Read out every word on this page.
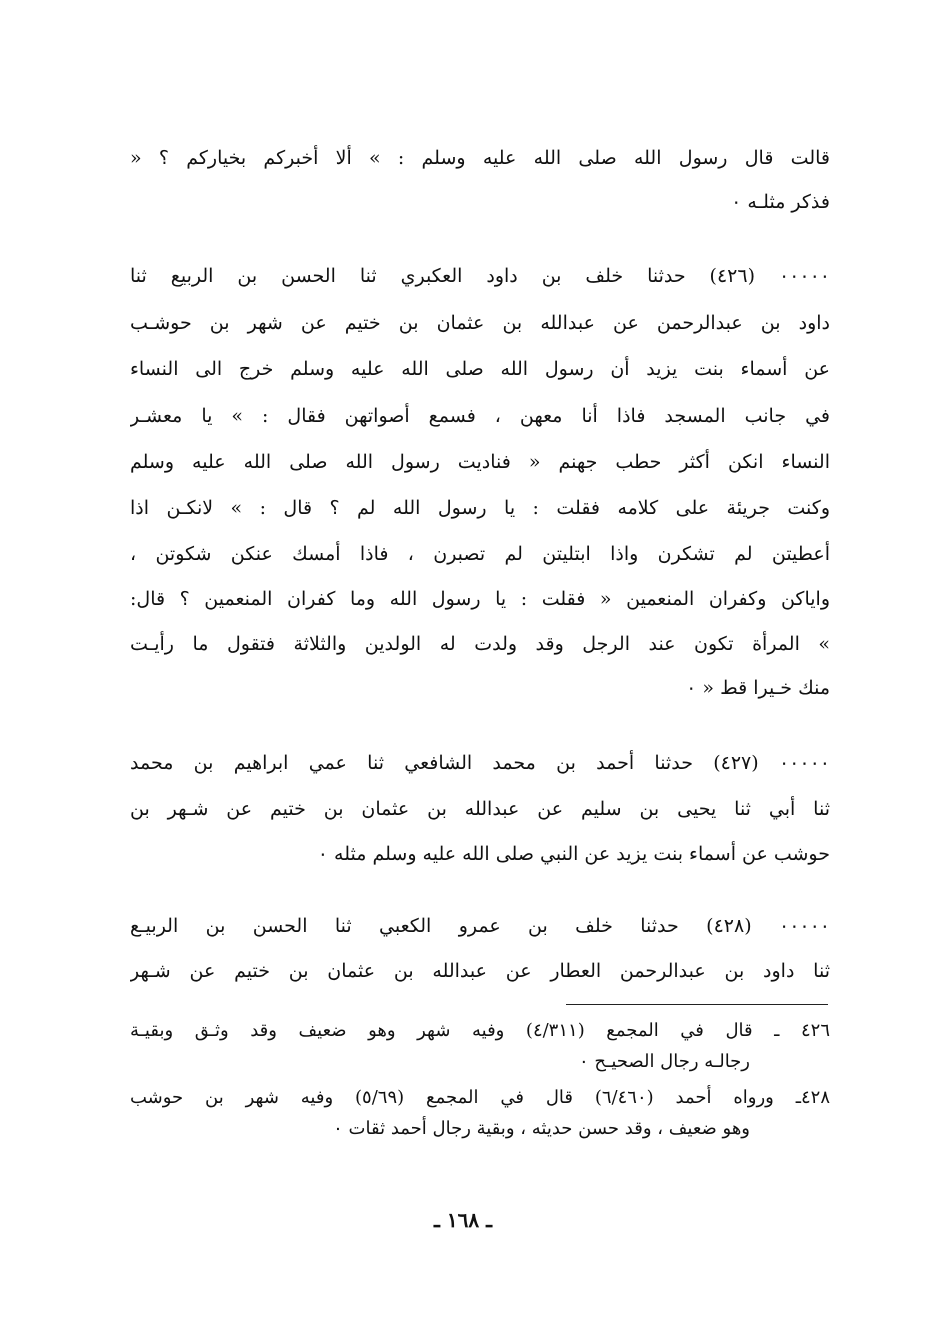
قالت قال رسول الله صلى الله عليه وسلم : » ألا أخبركم بخياركم ؟ «
فذكر مثلـه ٠
٠٠٠٠٠ (٤٢٦) حدثنا خلف بن داود العكبري ثنا الحسن بن الربيع ثنا
داود بن عبدالرحمن عن عبدالله بن عثمان بن ختيم عن شهر بن حوشـب
عن أسماء بنت يزيد أن رسول الله صلى الله عليه وسلم خرج الى النساء
في جانب المسجد فاذا أنا معهن ، فسمع أصواتهن فقال : » يا معشـر
النساء انكن أكثر حطب جهنم « فناديت رسول الله صلى الله عليه وسلم
وكنت جريئة على كلامه فقلت : يا رسول الله لم ؟ قال : » لانكـن اذا
أعطيتن لم تشكرن واذا ابتليتن لم تصبرن ، فاذا أمسك عنكن شكوتن ،
واياكن وكفران المنعمين « فقلت : يا رسول الله وما كفران المنعمين ؟ قال:
» المرأة تكون عند الرجل وقد ولدت له الولدين والثلاثة فتقول ما رأيـت
منك خـيرا قط « ٠
٠٠٠٠٠ (٤٢٧) حدثنا أحمد بن محمد الشافعي ثنا عمي ابراهيم بن محمد
ثنا أبي ثنا يحيى بن سليم عن عبدالله بن عثمان بن ختيم عن شـهر بن
حوشب عن أسماء بنت يزيد عن النبي صلى الله عليه وسلم مثله ٠
٠٠٠٠٠ (٤٢٨) حدثنا خلف بن عمرو الكعبي ثنا الحسن بن الربيـع
ثنا داود بن عبدالرحمن العطار عن عبدالله بن عثمان بن ختيم عن شـهر
٤٢٦ ـ قال في المجمع (٤/٣١١) وفيه شهر وهو ضعيف وقد وثـق وبقيـة
رجالـه رجال الصحيـح ٠
٤٢٨ـ ورواه أحمد (٦/٤٦٠) قال في المجمع (٥/٦٩) وفيه شهر بن حوشب
وهو ضعيف ، وقد حسن حديثه ، وبقية رجال أحمد ثقات ٠
ـ ١٦٨ ـ
